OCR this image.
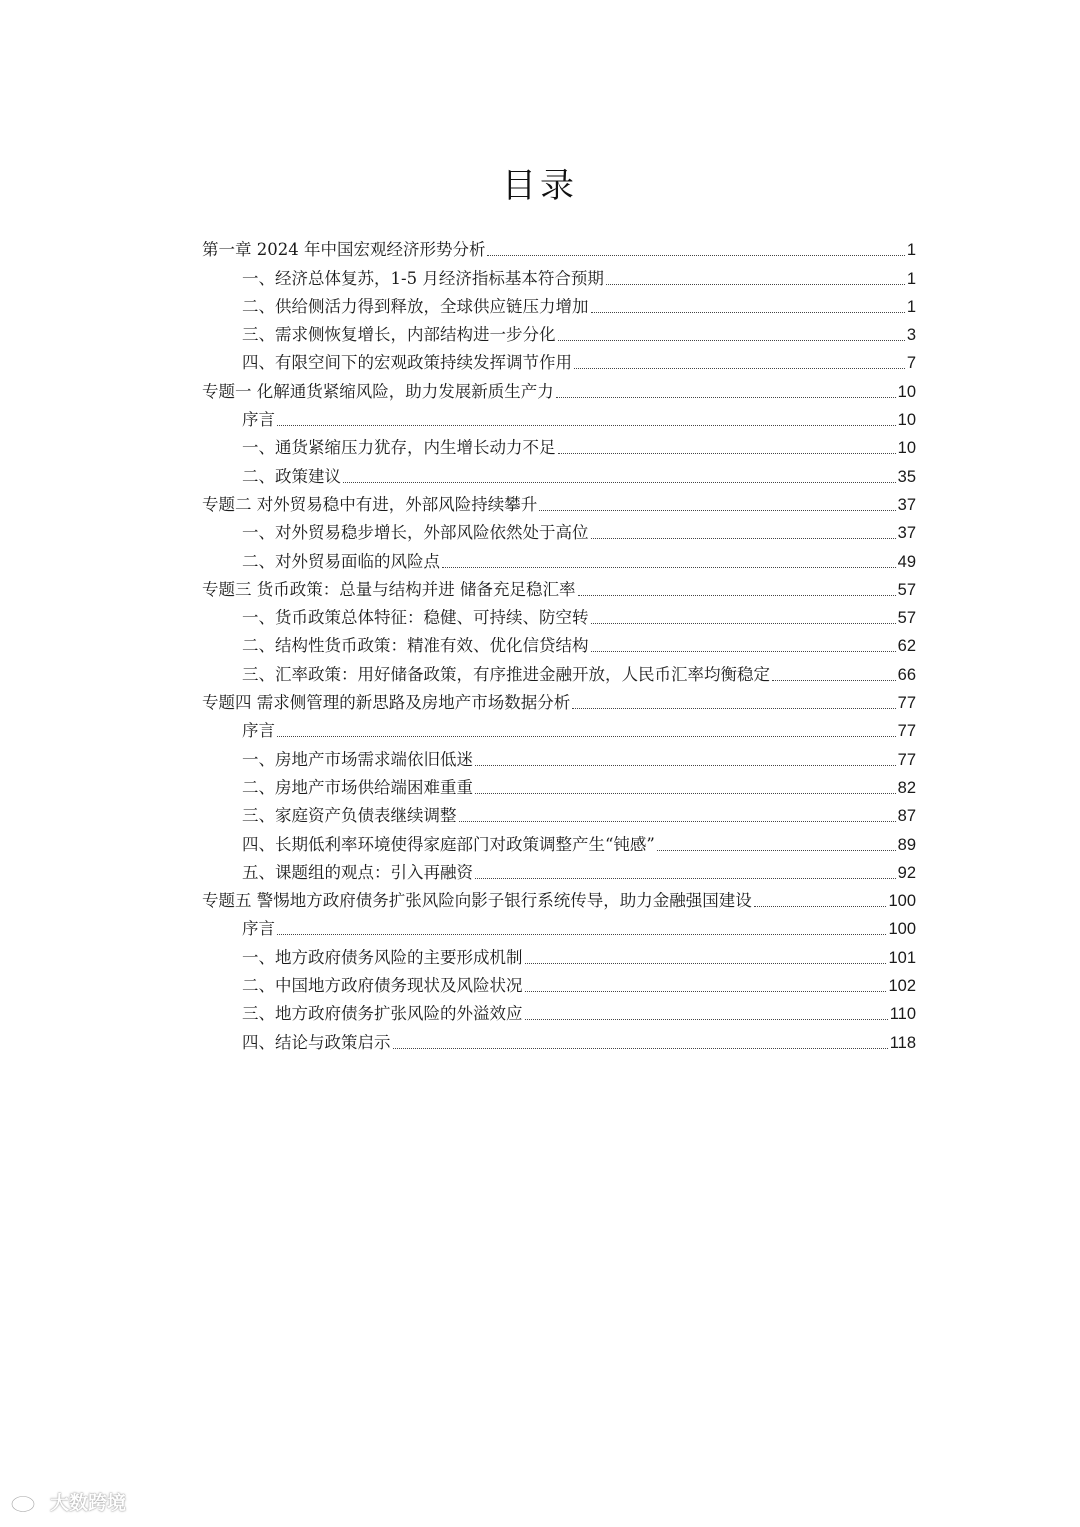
目录
第一章 2024 年中国宏观经济形势分析	1
一、经济总体复苏，1-5 月经济指标基本符合预期	1
二、供给侧活力得到释放，全球供应链压力增加	1
三、需求侧恢复增长，内部结构进一步分化	3
四、有限空间下的宏观政策持续发挥调节作用	7
专题一 化解通货紧缩风险，助力发展新质生产力	10
序言	10
一、通货紧缩压力犹存，内生增长动力不足	10
二、政策建议	35
专题二 对外贸易稳中有进，外部风险持续攀升	37
一、对外贸易稳步增长，外部风险依然处于高位	37
二、对外贸易面临的风险点	49
专题三 货币政策：总量与结构并进 储备充足稳汇率	57
一、货币政策总体特征：稳健、可持续、防空转	57
二、结构性货币政策：精准有效、优化信贷结构	62
三、汇率政策：用好储备政策，有序推进金融开放，人民币汇率均衡稳定	66
专题四 需求侧管理的新思路及房地产市场数据分析	77
序言	77
一、房地产市场需求端依旧低迷	77
二、房地产市场供给端困难重重	82
三、家庭资产负债表继续调整	87
四、长期低利率环境使得家庭部门对政策调整产生“钝感”	89
五、课题组的观点：引入再融资	92
专题五 警惕地方政府债务扩张风险向影子银行系统传导，助力金融强国建设	100
序言	100
一、地方政府债务风险的主要形成机制	101
二、中国地方政府债务现状及风险状况	102
三、地方政府债务扩张风险的外溢效应	110
四、结论与政策启示	118
大数跨境
